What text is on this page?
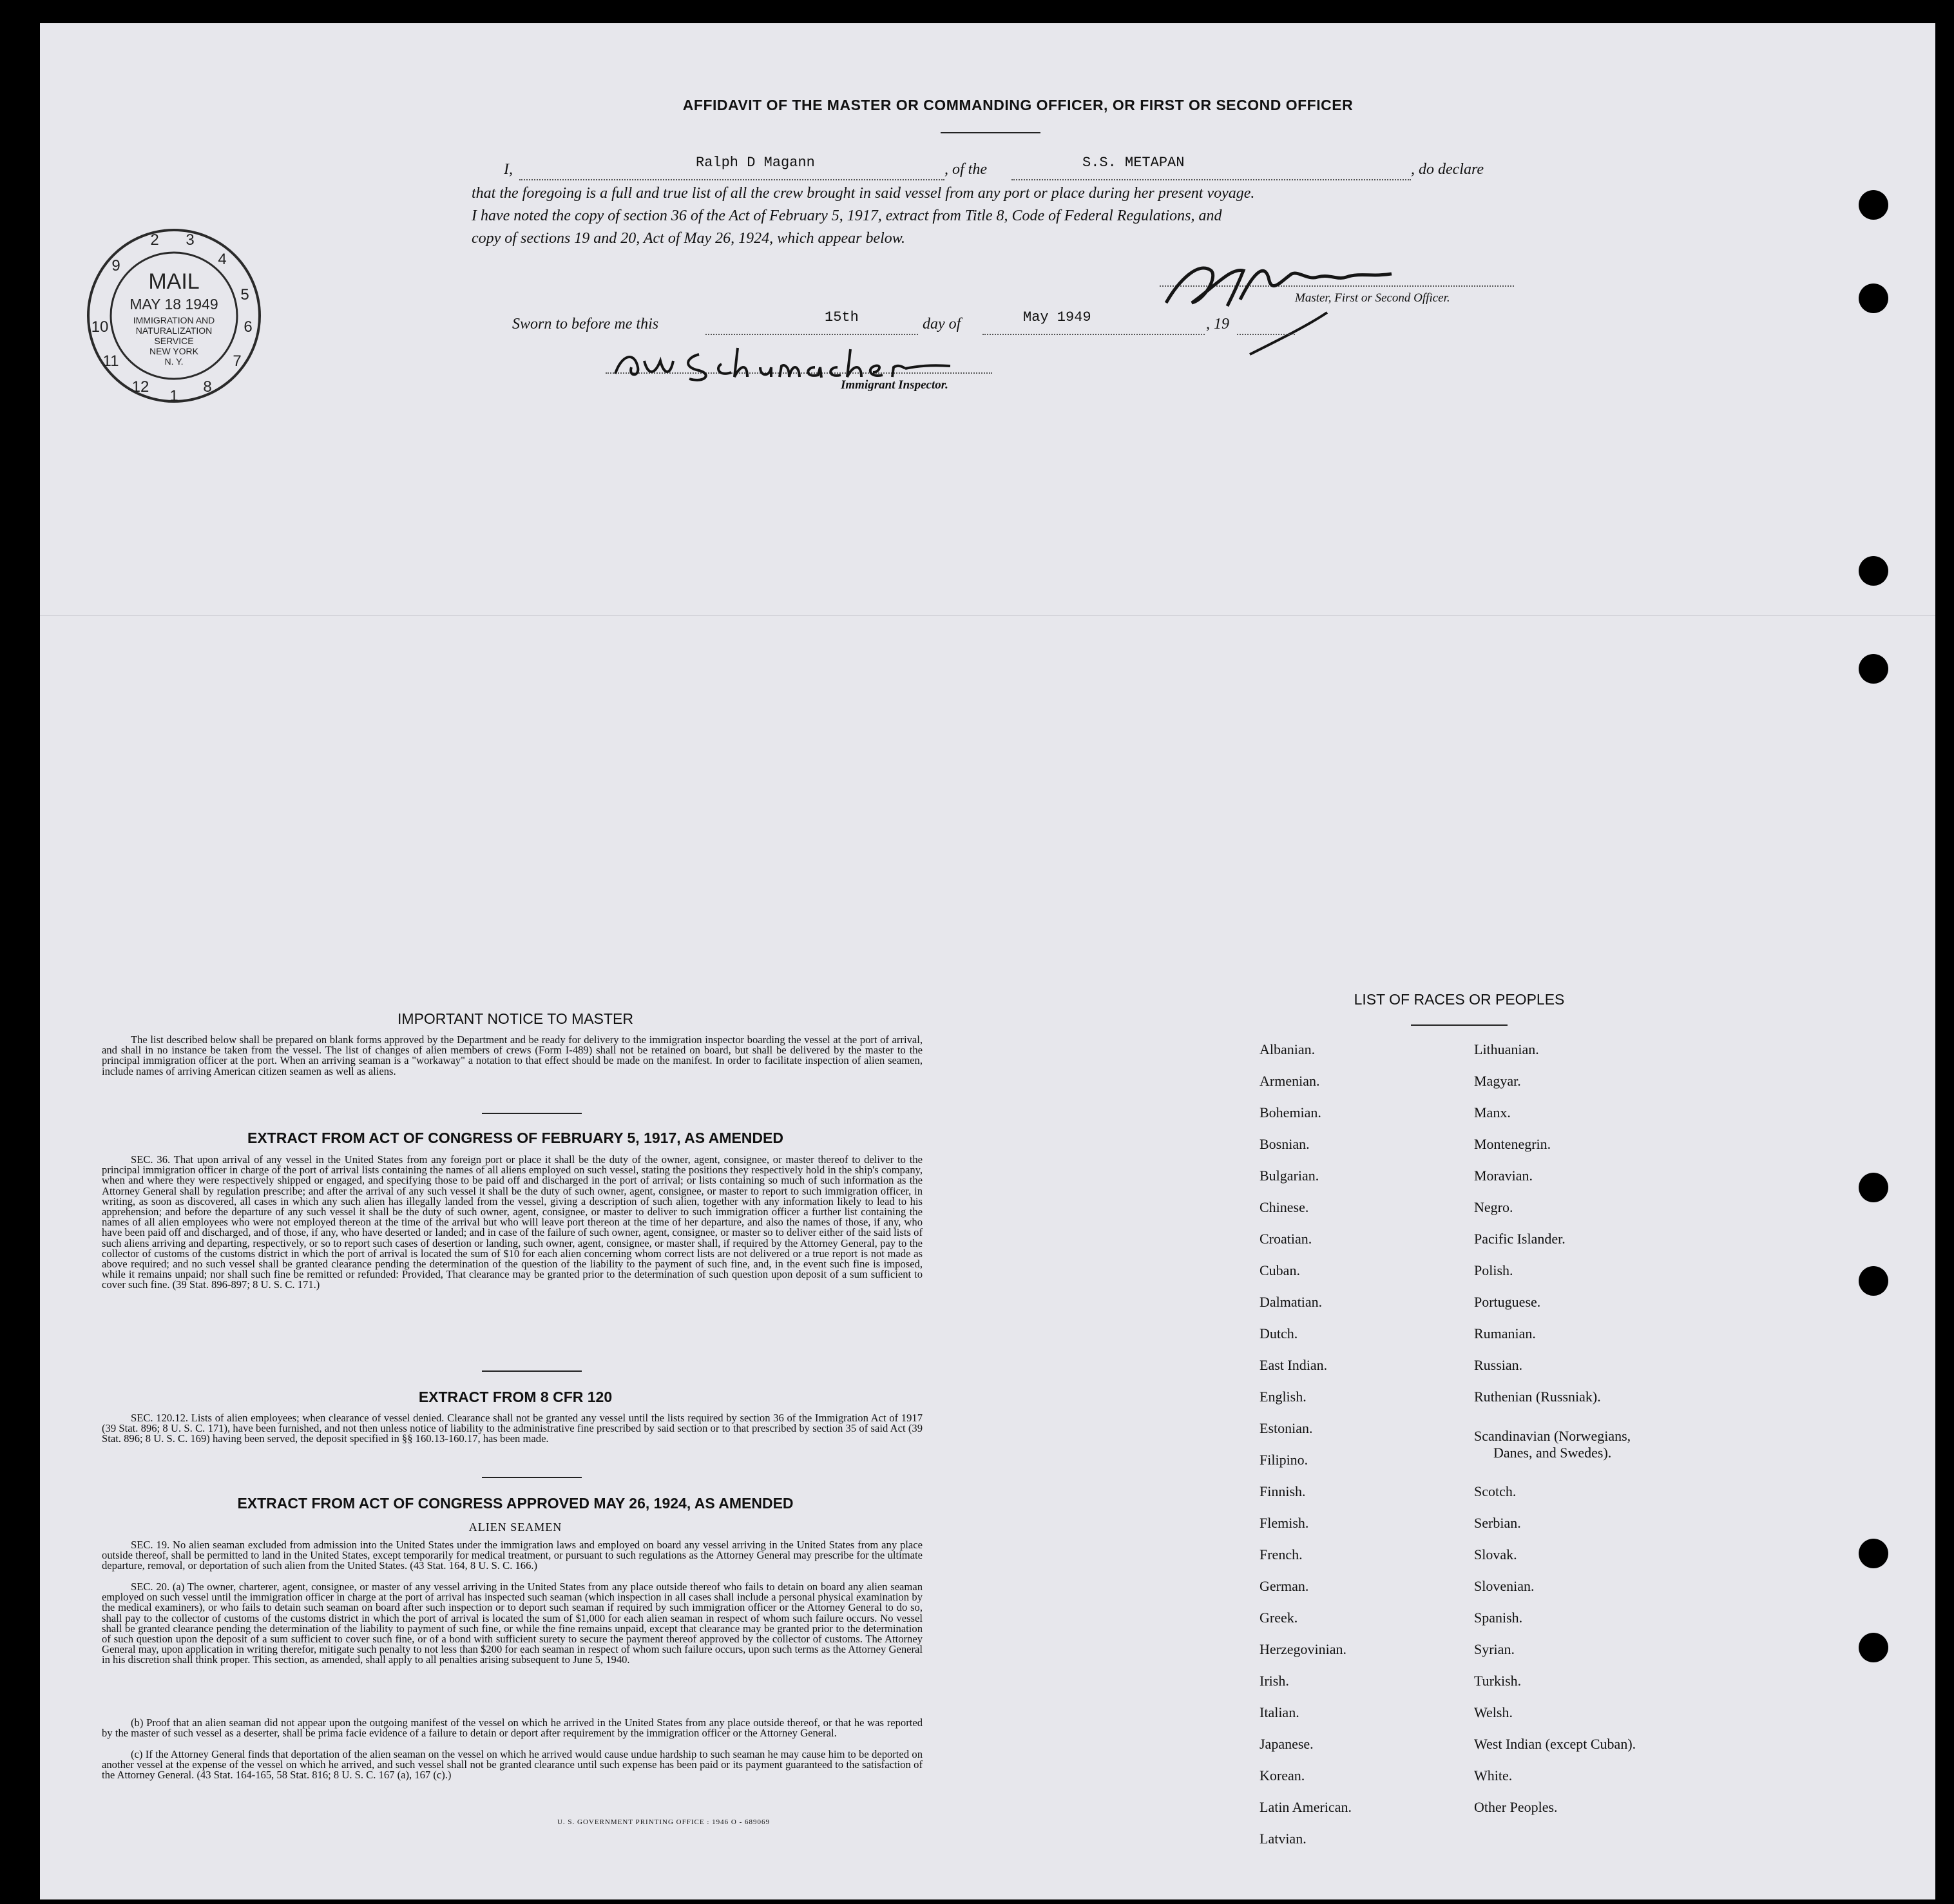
AFFIDAVIT OF THE MASTER OR COMMANDING OFFICER, OR FIRST OR SECOND OFFICER
I,	Ralph D Magann	, of the	S.S. METAPAN	, do declare
that the foregoing is a full and true list of all the crew brought in said vessel from any port or place during her present voyage.
I have noted the copy of section 36 of the Act of February 5, 1917, extract from Title 8, Code of Federal Regulations, and
copy of sections 19 and 20, Act of May 26, 1924, which appear below.
Master, First or Second Officer.
Sworn to before me this	15th	day of	May 1949	, 19
Immigrant Inspector.
2 3
4
5
6
7
8
1
12
11
10
9
MAIL
MAY 18 1949
IMMIGRATION AND
NATURALIZATION
SERVICE
NEW YORK
N. Y.
IMPORTANT NOTICE TO MASTER
The list described below shall be prepared on blank forms approved by the Department and be ready for delivery to the immigration inspector boarding the vessel at the port of arrival, and shall in no instance be taken from the vessel. The list of changes of alien members of crews (Form I-489) shall not be retained on board, but shall be delivered by the master to the principal immigration officer at the port. When an arriving seaman is a "workaway" a notation to that effect should be made on the manifest. In order to facilitate inspection of alien seamen, include names of arriving American citizen seamen as well as aliens.
EXTRACT FROM ACT OF CONGRESS OF FEBRUARY 5, 1917, AS AMENDED
SEC. 36. That upon arrival of any vessel in the United States from any foreign port or place it shall be the duty of the owner, agent, consignee, or master thereof to deliver to the principal immigration officer in charge of the port of arrival lists containing the names of all aliens employed on such vessel, stating the positions they respectively hold in the ship's company, when and where they were respectively shipped or engaged, and specifying those to be paid off and discharged in the port of arrival; or lists containing so much of such information as the Attorney General shall by regulation prescribe; and after the arrival of any such vessel it shall be the duty of such owner, agent, consignee, or master to report to such immigration officer, in writing, as soon as discovered, all cases in which any such alien has illegally landed from the vessel, giving a description of such alien, together with any information likely to lead to his apprehension; and before the departure of any such vessel it shall be the duty of such owner, agent, consignee, or master to deliver to such immigration officer a further list containing the names of all alien employees who were not employed thereon at the time of the arrival but who will leave port thereon at the time of her departure, and also the names of those, if any, who have been paid off and discharged, and of those, if any, who have deserted or landed; and in case of the failure of such owner, agent, consignee, or master so to deliver either of the said lists of such aliens arriving and departing, respectively, or so to report such cases of desertion or landing, such owner, agent, consignee, or master shall, if required by the Attorney General, pay to the collector of customs of the customs district in which the port of arrival is located the sum of $10 for each alien concerning whom correct lists are not delivered or a true report is not made as above required; and no such vessel shall be granted clearance pending the determination of the question of the liability to the payment of such fine, and, in the event such fine is imposed, while it remains unpaid; nor shall such fine be remitted or refunded: Provided, That clearance may be granted prior to the determination of such question upon deposit of a sum sufficient to cover such fine. (39 Stat. 896-897; 8 U. S. C. 171.)
EXTRACT FROM 8 CFR 120
SEC. 120.12. Lists of alien employees; when clearance of vessel denied. Clearance shall not be granted any vessel until the lists required by section 36 of the Immigration Act of 1917 (39 Stat. 896; 8 U. S. C. 171), have been furnished, and not then unless notice of liability to the administrative fine prescribed by said section or to that prescribed by section 35 of said Act (39 Stat. 896; 8 U. S. C. 169) having been served, the deposit specified in §§ 160.13-160.17, has been made.
EXTRACT FROM ACT OF CONGRESS APPROVED MAY 26, 1924, AS AMENDED
ALIEN SEAMEN
SEC. 19. No alien seaman excluded from admission into the United States under the immigration laws and employed on board any vessel arriving in the United States from any place outside thereof, shall be permitted to land in the United States, except temporarily for medical treatment, or pursuant to such regulations as the Attorney General may prescribe for the ultimate departure, removal, or deportation of such alien from the United States. (43 Stat. 164, 8 U. S. C. 166.)
SEC. 20. (a) The owner, charterer, agent, consignee, or master of any vessel arriving in the United States from any place outside thereof who fails to detain on board any alien seaman employed on such vessel until the immigration officer in charge at the port of arrival has inspected such seaman (which inspection in all cases shall include a personal physical examination by the medical examiners), or who fails to detain such seaman on board after such inspection or to deport such seaman if required by such immigration officer or the Attorney General to do so, shall pay to the collector of customs of the customs district in which the port of arrival is located the sum of $1,000 for each alien seaman in respect of whom such failure occurs. No vessel shall be granted clearance pending the determination of the liability to payment of such fine, or while the fine remains unpaid, except that clearance may be granted prior to the determination of such question upon the deposit of a sum sufficient to cover such fine, or of a bond with sufficient surety to secure the payment thereof approved by the collector of customs. The Attorney General may, upon application in writing therefor, mitigate such penalty to not less than $200 for each seaman in respect of whom such failure occurs, upon such terms as the Attorney General in his discretion shall think proper. This section, as amended, shall apply to all penalties arising subsequent to June 5, 1940.
(b) Proof that an alien seaman did not appear upon the outgoing manifest of the vessel on which he arrived in the United States from any place outside thereof, or that he was reported by the master of such vessel as a deserter, shall be prima facie evidence of a failure to detain or deport after requirement by the immigration officer or the Attorney General.
(c) If the Attorney General finds that deportation of the alien seaman on the vessel on which he arrived would cause undue hardship to such seaman he may cause him to be deported on another vessel at the expense of the vessel on which he arrived, and such vessel shall not be granted clearance until such expense has been paid or its payment guaranteed to the satisfaction of the Attorney General. (43 Stat. 164-165, 58 Stat. 816; 8 U. S. C. 167 (a), 167 (c).)
U. S. GOVERNMENT PRINTING OFFICE : 1946 O - 689069
LIST OF RACES OR PEOPLES
Albanian.
Armenian.
Bohemian.
Bosnian.
Bulgarian.
Chinese.
Croatian.
Cuban.
Dalmatian.
Dutch.
East Indian.
English.
Estonian.
Filipino.
Finnish.
Flemish.
French.
German.
Greek.
Herzegovinian.
Irish.
Italian.
Japanese.
Korean.
Latin American.
Latvian.
Lithuanian.
Magyar.
Manx.
Montenegrin.
Moravian.
Negro.
Pacific Islander.
Polish.
Portuguese.
Rumanian.
Russian.
Ruthenian (Russniak).
Scandinavian (Norwegians,
Danes, and Swedes).
Scotch.
Serbian.
Slovak.
Slovenian.
Spanish.
Syrian.
Turkish.
Welsh.
West Indian (except Cuban).
White.
Other Peoples.
